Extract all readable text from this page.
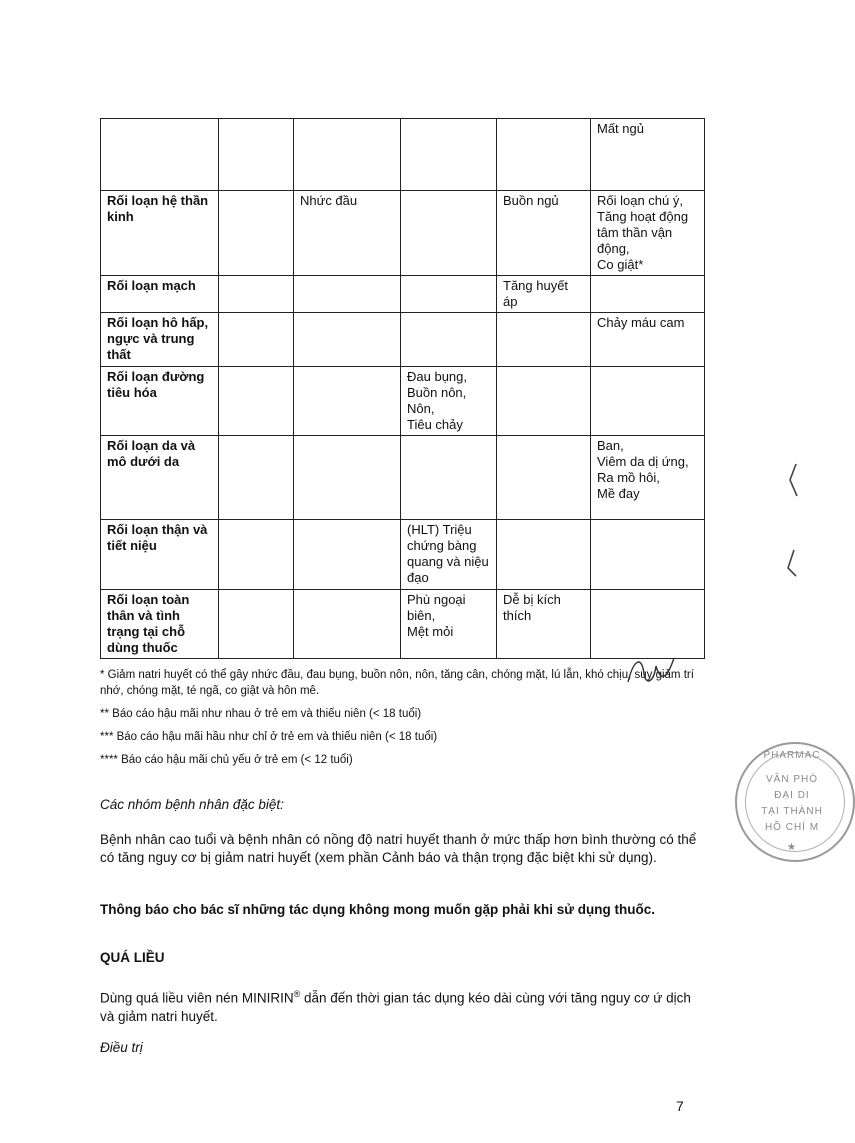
					Mất ngủ

Rối loạn hệ thần kinh		Nhức đầu		Buồn ngủ	Rối loạn chú ý,
Tăng hoạt động tâm thần vận động,
Co giật*

Rối loạn mạch				Tăng huyết áp	

Rối loạn hô hấp, ngực và trung thất					Chảy máu cam

Rối loạn đường tiêu hóa			Đau bụng,
Buồn nôn,
Nôn,
Tiêu chảy		

Rối loạn da và mô dưới da					Ban,
Viêm da dị ứng,
Ra mồ hôi,
Mề đay

Rối loạn thận và tiết niệu			(HLT) Triệu chứng bàng quang và niệu đạo		

Rối loạn toàn thân và tình trạng tại chỗ dùng thuốc			Phù ngoại biên,
Mệt mỏi	Dễ bị kích thích	

* Giảm natri huyết có thể gây nhức đầu, đau bụng, buồn nôn, nôn, tăng cân, chóng mặt, lú lẫn, khó chịu, suy giảm trí nhớ, chóng mặt, té ngã, co giật và hôn mê.

** Báo cáo hậu mãi như nhau ở trẻ em và thiếu niên (< 18 tuổi)

*** Báo cáo hậu mãi hầu như chỉ ở trẻ em và thiếu niên (< 18 tuổi)

**** Báo cáo hậu mãi chủ yếu ở trẻ em (< 12 tuổi)

Các nhóm bệnh nhân đặc biệt:

Bệnh nhân cao tuổi và bệnh nhân có nồng độ natri huyết thanh ở mức thấp hơn bình thường có thể có tăng nguy cơ bị giảm natri huyết (xem phần Cảnh báo và thận trọng đặc biệt khi sử dụng).

Thông báo cho bác sĩ những tác dụng không mong muốn gặp phải khi sử dụng thuốc.

QUÁ LIỀU

Dùng quá liều viên nén MINIRIN® dẫn đến thời gian tác dụng kéo dài cùng với tăng nguy cơ ứ dịch và giảm natri huyết.

Điều trị

7
PHARMAC
VĂN PHÒ
ĐẠI DI
TẠI THÀNH
HỒ CHÍ M
★
